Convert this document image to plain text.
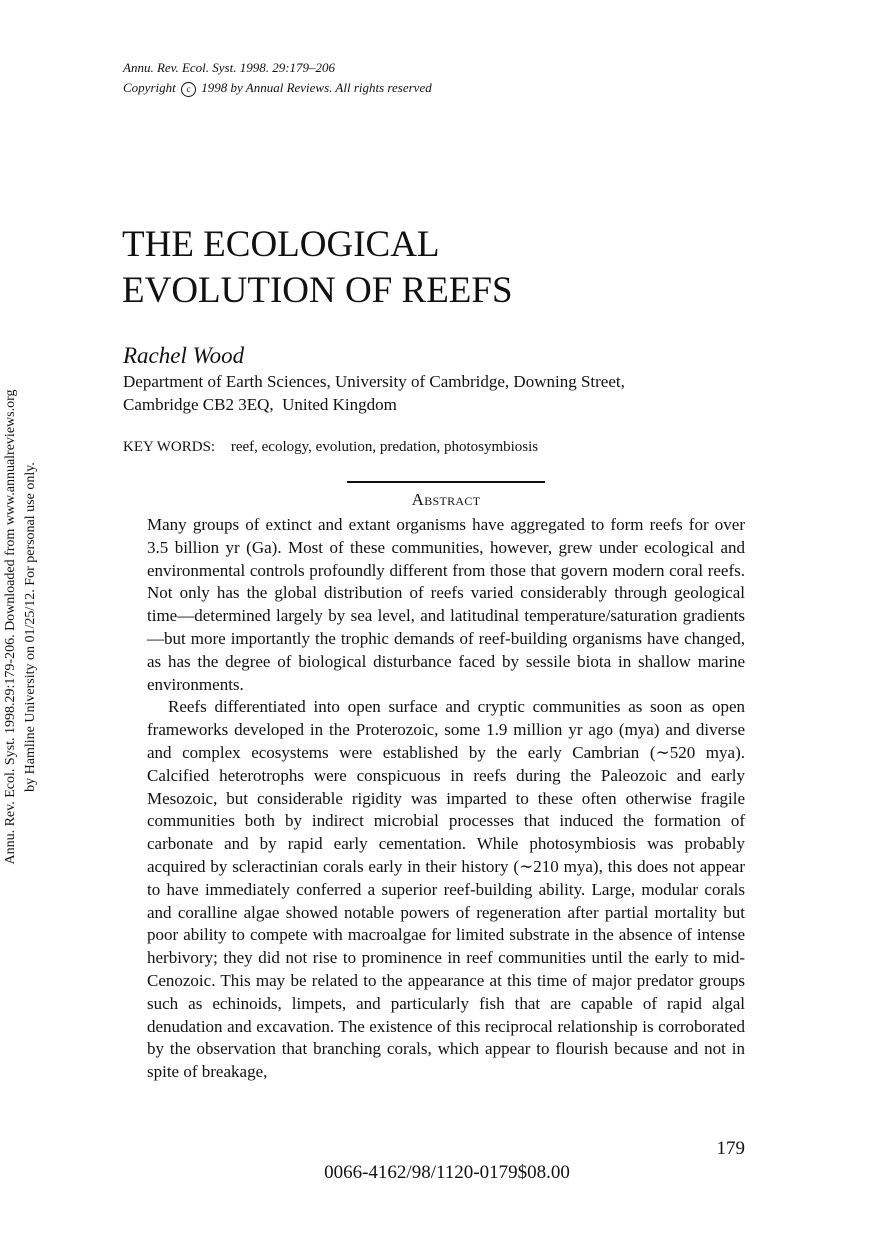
Annu. Rev. Ecol. Syst. 1998. 29:179–206
Copyright c 1998 by Annual Reviews. All rights reserved
Annu. Rev. Ecol. Syst. 1998.29:179-206. Downloaded from www.annualreviews.org by Hamline University on 01/25/12. For personal use only.
THE ECOLOGICAL
EVOLUTION OF REEFS
Rachel Wood
Department of Earth Sciences, University of Cambridge, Downing Street,
Cambridge CB2 3EQ,  United Kingdom
KEY WORDS: reef, ecology, evolution, predation, photosymbiosis
Abstract

Many groups of extinct and extant organisms have aggregated to form reefs for over 3.5 billion yr (Ga). Most of these communities, however, grew under ecological and environmental controls profoundly different from those that govern modern coral reefs. Not only has the global distribution of reefs varied considerably through geological time—determined largely by sea level, and latitudinal temperature/saturation gradients—but more importantly the trophic demands of reef-building organisms have changed, as has the degree of biological disturbance faced by sessile biota in shallow marine environments.

Reefs differentiated into open surface and cryptic communities as soon as open frameworks developed in the Proterozoic, some 1.9 million yr ago (mya) and diverse and complex ecosystems were established by the early Cambrian (∼520 mya). Calcified heterotrophs were conspicuous in reefs during the Paleozoic and early Mesozoic, but considerable rigidity was imparted to these often otherwise fragile communities both by indirect microbial processes that induced the formation of carbonate and by rapid early cementation. While photosymbiosis was probably acquired by scleractinian corals early in their history (∼210 mya), this does not appear to have immediately conferred a superior reef-building ability. Large, modular corals and coralline algae showed notable powers of regeneration after partial mortality but poor ability to compete with macroalgae for limited substrate in the absence of intense herbivory; they did not rise to prominence in reef communities until the early to mid-Cenozoic. This may be related to the appearance at this time of major predator groups such as echinoids, limpets, and particularly fish that are capable of rapid algal denudation and excavation. The existence of this reciprocal relationship is corroborated by the observation that branching corals, which appear to flourish because and not in spite of breakage,

179
0066-4162/98/1120-0179$08.00
